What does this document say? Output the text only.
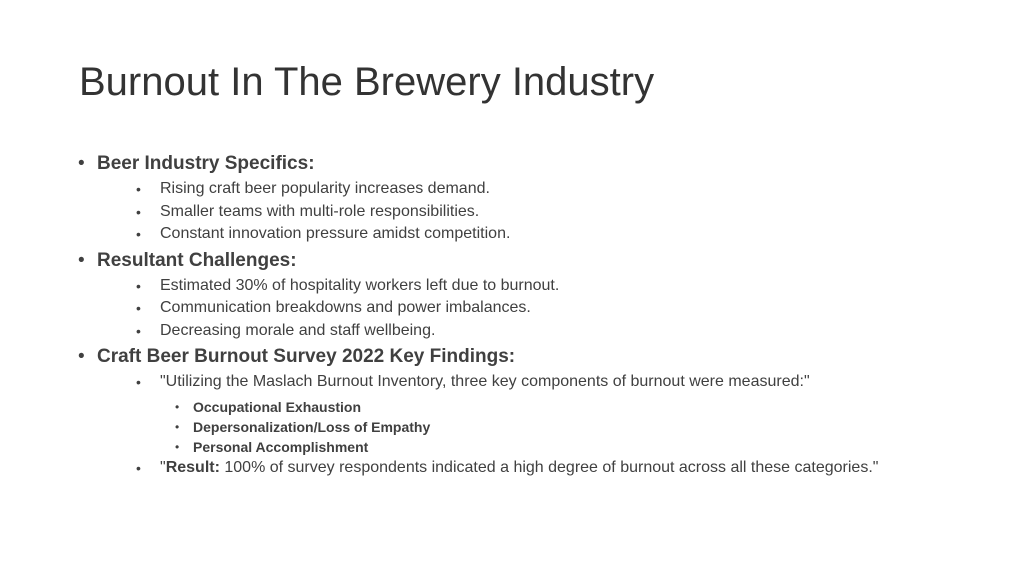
Burnout In The Brewery Industry
• Beer Industry Specifics:
• Rising craft beer popularity increases demand.
• Smaller teams with multi-role responsibilities.
• Constant innovation pressure amidst competition.
• Resultant Challenges:
• Estimated 30% of hospitality workers left due to burnout.
• Communication breakdowns and power imbalances.
• Decreasing morale and staff wellbeing.
• Craft Beer Burnout Survey 2022 Key Findings:
• "Utilizing the Maslach Burnout Inventory, three key components of burnout were measured:"
• Occupational Exhaustion
• Depersonalization/Loss of Empathy
• Personal Accomplishment
• "Result: 100% of survey respondents indicated a high degree of burnout across all these categories."
